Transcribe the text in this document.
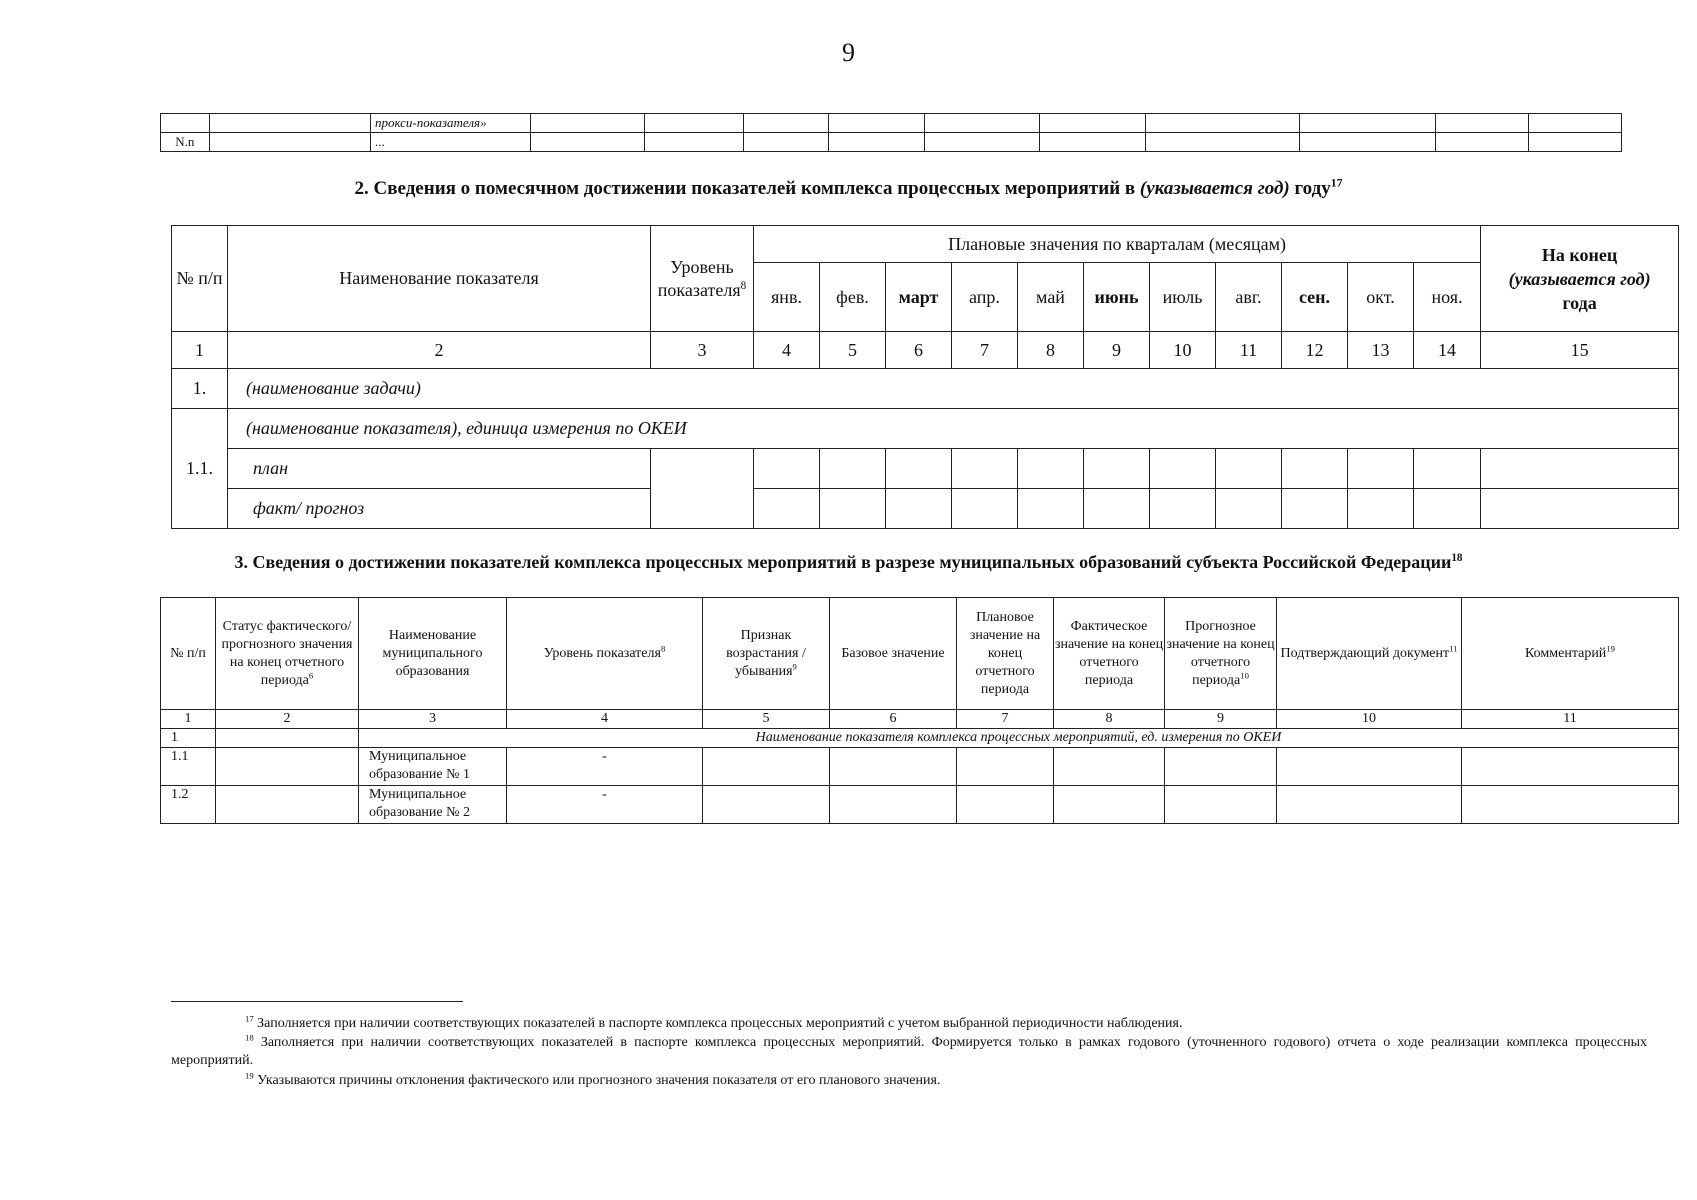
9
		прокси-показателя»										
N.n		...										
2. Сведения о помесячном достижении показателей комплекса процессных мероприятий в (указывается год) году$^{17}$
№ п/п	Наименование показателя	Уровень показателя$^8$	Плановые значения по кварталам (месяцам)											На конец
(указывается год)
года

			янв.	фев.	март	апр.	май	июнь	июль	авг.	сен.	окт.	ноя.	
1	2	3	4	5	6	7	8	9	10	11	12	13	14	15
1.	(наименование задачи)													
1.1.	(наименование показателя), единица измерения по ОКЕИ													
	план													
	факт/ прогноз													
3. Сведения о достижении показателей комплекса процессных мероприятий в разрезе муниципальных образований субъекта Российской Федерации$^{18}$
№ п/п	Статус фактического/ прогнозного значения на конец отчетного периода$^6$	Наименование муниципального образования	Уровень показателя$^8$	Признак возрастания / убывания$^9$	Базовое значение	Плановое значение на конец отчетного периода	Фактическое значение на конец отчетного периода	Прогнозное значение на конец отчетного периода$^{10}$	Подтверждающий документ$^{11}$	Комментарий$^{19}$
1	2	3	4	5	6	7	8	9	10	11
1		Наименование показателя комплекса процессных мероприятий, ед. измерения по ОКЕИ								
1.1		Муниципальное образование № 1	-							
1.2		Муниципальное образование № 2	-							
$^{17}$ Заполняется при наличии соответствующих показателей в паспорте комплекса процессных мероприятий с учетом выбранной периодичности наблюдения.
$^{18}$ Заполняется при наличии соответствующих показателей в паспорте комплекса процессных мероприятий. Формируется только в рамках годового (уточненного годового) отчета о ходе реализации комплекса процессных мероприятий.
$^{19}$ Указываются причины отклонения фактического или прогнозного значения показателя от его планового значения.
